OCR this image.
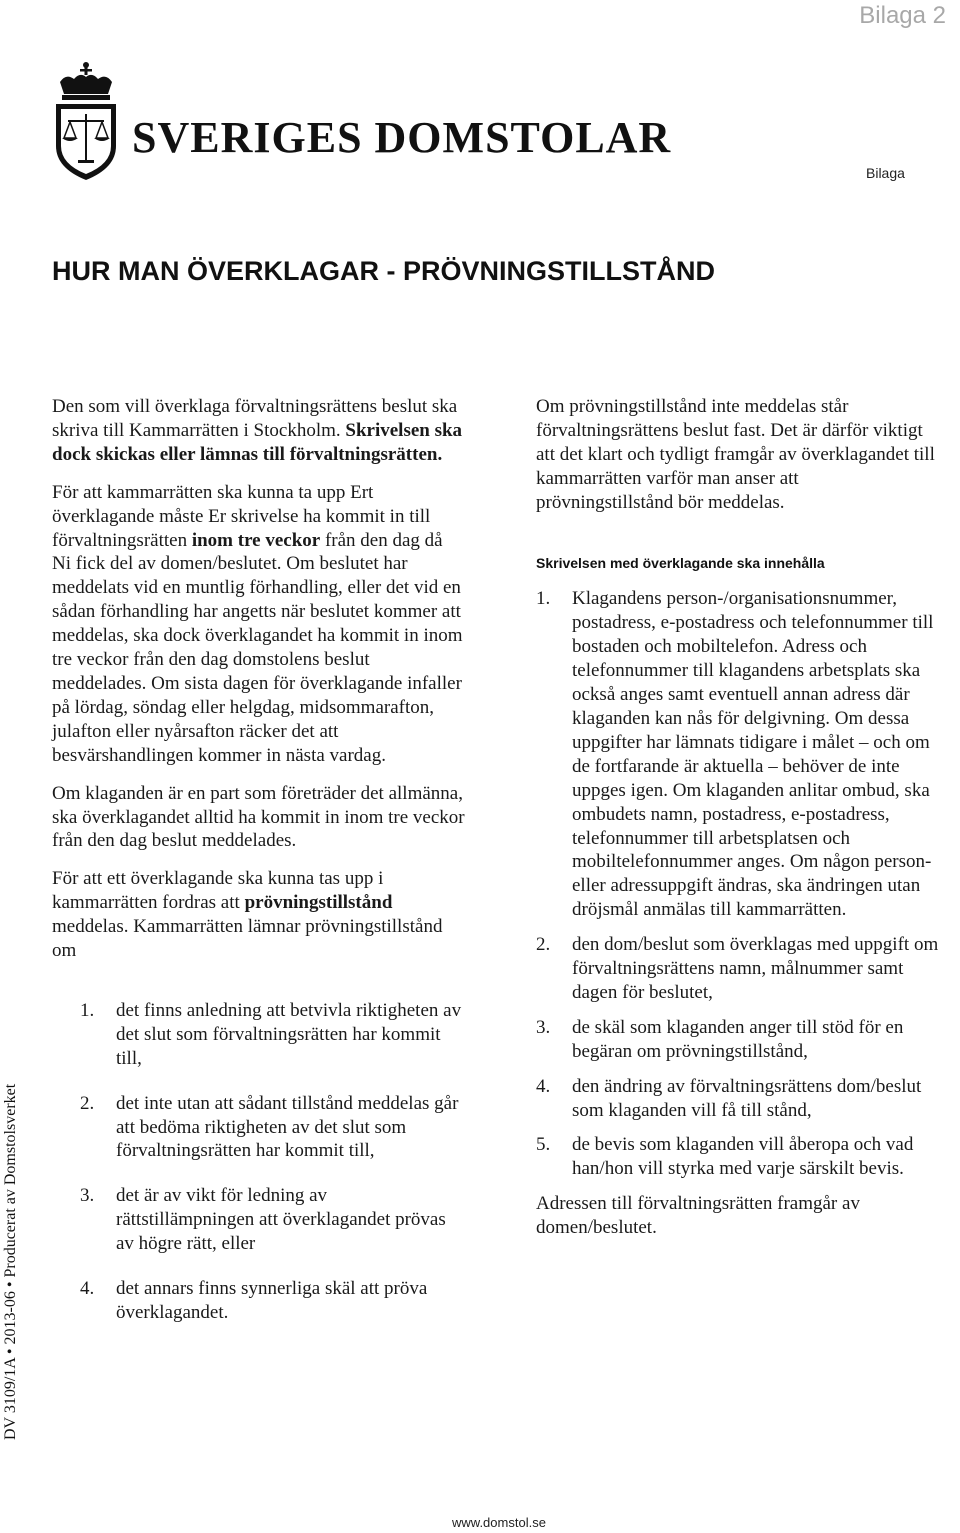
Bilaga 2
SVERIGES DOMSTOLAR
Bilaga
HUR MAN ÖVERKLAGAR - PRÖVNINGSTILLSTÅND

Den som vill överklaga förvaltningsrättens beslut ska skriva till Kammarrätten i Stockholm. Skrivelsen ska dock skickas eller lämnas till förvaltningsrätten.

För att kammarrätten ska kunna ta upp Ert överklagande måste Er skrivelse ha kommit in till förvaltningsrätten inom tre veckor från den dag då Ni fick del av domen/beslutet. Om beslutet har meddelats vid en muntlig förhandling, eller det vid en sådan förhandling har angetts när beslutet kommer att meddelas, ska dock överklagandet ha kommit in inom tre veckor från den dag domstolens beslut meddelades. Om sista dagen för överklagande infaller på lördag, söndag eller helgdag, midsommarafton, julafton eller nyårsafton räcker det att besvärshandlingen kommer in nästa vardag.

Om klaganden är en part som företräder det allmänna, ska överklagandet alltid ha kommit in inom tre veckor från den dag beslut meddelades.

För att ett överklagande ska kunna tas upp i kammarrätten fordras att prövningstillstånd meddelas. Kammarrätten lämnar prövningstillstånd om

1.	det finns anledning att betvivla riktigheten av det slut som förvaltningsrätten har kommit till,
2.	det inte utan att sådant tillstånd meddelas går att bedöma riktigheten av det slut som förvaltningsrätten har kommit till,
3.	det är av vikt för ledning av rättstillämpningen att överklagandet prövas av högre rätt, eller
4.	det annars finns synnerliga skäl att pröva överklagandet.

Om prövningstillstånd inte meddelas står förvaltningsrättens beslut fast. Det är därför viktigt att det klart och tydligt framgår av överklagandet till kammarrätten varför man anser att prövningstillstånd bör meddelas.

Skrivelsen med överklagande ska innehålla
1.	Klagandens person-/organisationsnummer, postadress, e-postadress och telefonnummer till bostaden och mobiltelefon. Adress och telefonnummer till klagandens arbetsplats ska också anges samt eventuell annan adress där klaganden kan nås för delgivning. Om dessa uppgifter har lämnats tidigare i målet – och om de fortfarande är aktuella – behöver de inte uppges igen. Om klaganden anlitar ombud, ska ombudets namn, postadress, e-postadress, telefonnummer till arbetsplatsen och mobiltelefonnummer anges. Om någon person- eller adressuppgift ändras, ska ändringen utan dröjsmål anmälas till kammarrätten.
2.	den dom/beslut som överklagas med uppgift om förvaltningsrättens namn, målnummer samt dagen för beslutet,
3.	de skäl som klaganden anger till stöd för en begäran om prövningstillstånd,
4.	den ändring av förvaltningsrättens dom/beslut som klaganden vill få till stånd,
5.	de bevis som klaganden vill åberopa och vad han/hon vill styrka med varje särskilt bevis.

Adressen till förvaltningsrätten framgår av domen/beslutet.

DV 3109/1A • 2013-06 • Producerat av Domstolsverket
www.domstol.se
